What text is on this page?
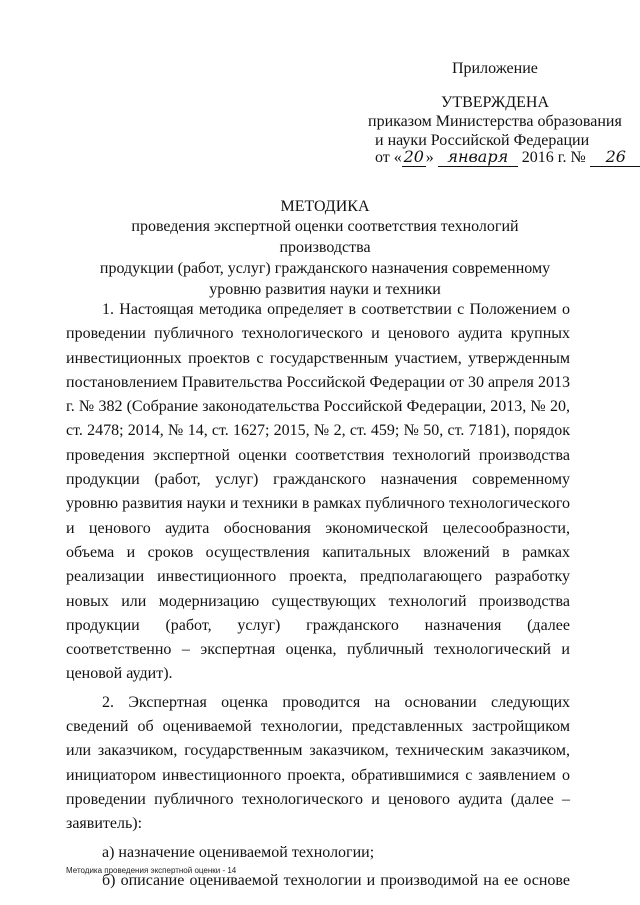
Приложение
УТВЕРЖДЕНА
приказом Министерства образования
и науки Российской Федерации
от « 20 » января 2016 г. № 26
МЕТОДИКА
проведения экспертной оценки соответствия технологий производства
продукции (работ, услуг) гражданского назначения современному
уровню развития науки и техники

1. Настоящая методика определяет в соответствии с Положением о проведении публичного технологического и ценового аудита крупных инвестиционных проектов с государственным участием, утвержденным постановлением Правительства Российской Федерации от 30 апреля 2013 г. № 382 (Собрание законодательства Российской Федерации, 2013, № 20, ст. 2478; 2014, № 14, ст. 1627; 2015, № 2, ст. 459; № 50, ст. 7181), порядок проведения экспертной оценки соответствия технологий производства продукции (работ, услуг) гражданского назначения современному уровню развития науки и техники в рамках публичного технологического и ценового аудита обоснования экономической целесообразности, объема и сроков осуществления капитальных вложений в рамках реализации инвестиционного проекта, предполагающего разработку новых или модернизацию существующих технологий производства продукции (работ, услуг) гражданского назначения (далее соответственно – экспертная оценка, публичный технологический и ценовой аудит).

2. Экспертная оценка проводится на основании следующих сведений об оцениваемой технологии, представленных застройщиком или заказчиком, государственным заказчиком, техническим заказчиком, инициатором инвестиционного проекта, обратившимися с заявлением о проведении публичного технологического и ценового аудита (далее – заявитель):

а) назначение оцениваемой технологии;

б) описание оцениваемой технологии и производимой на ее основе

Методика проведения экспертной оценки - 14
